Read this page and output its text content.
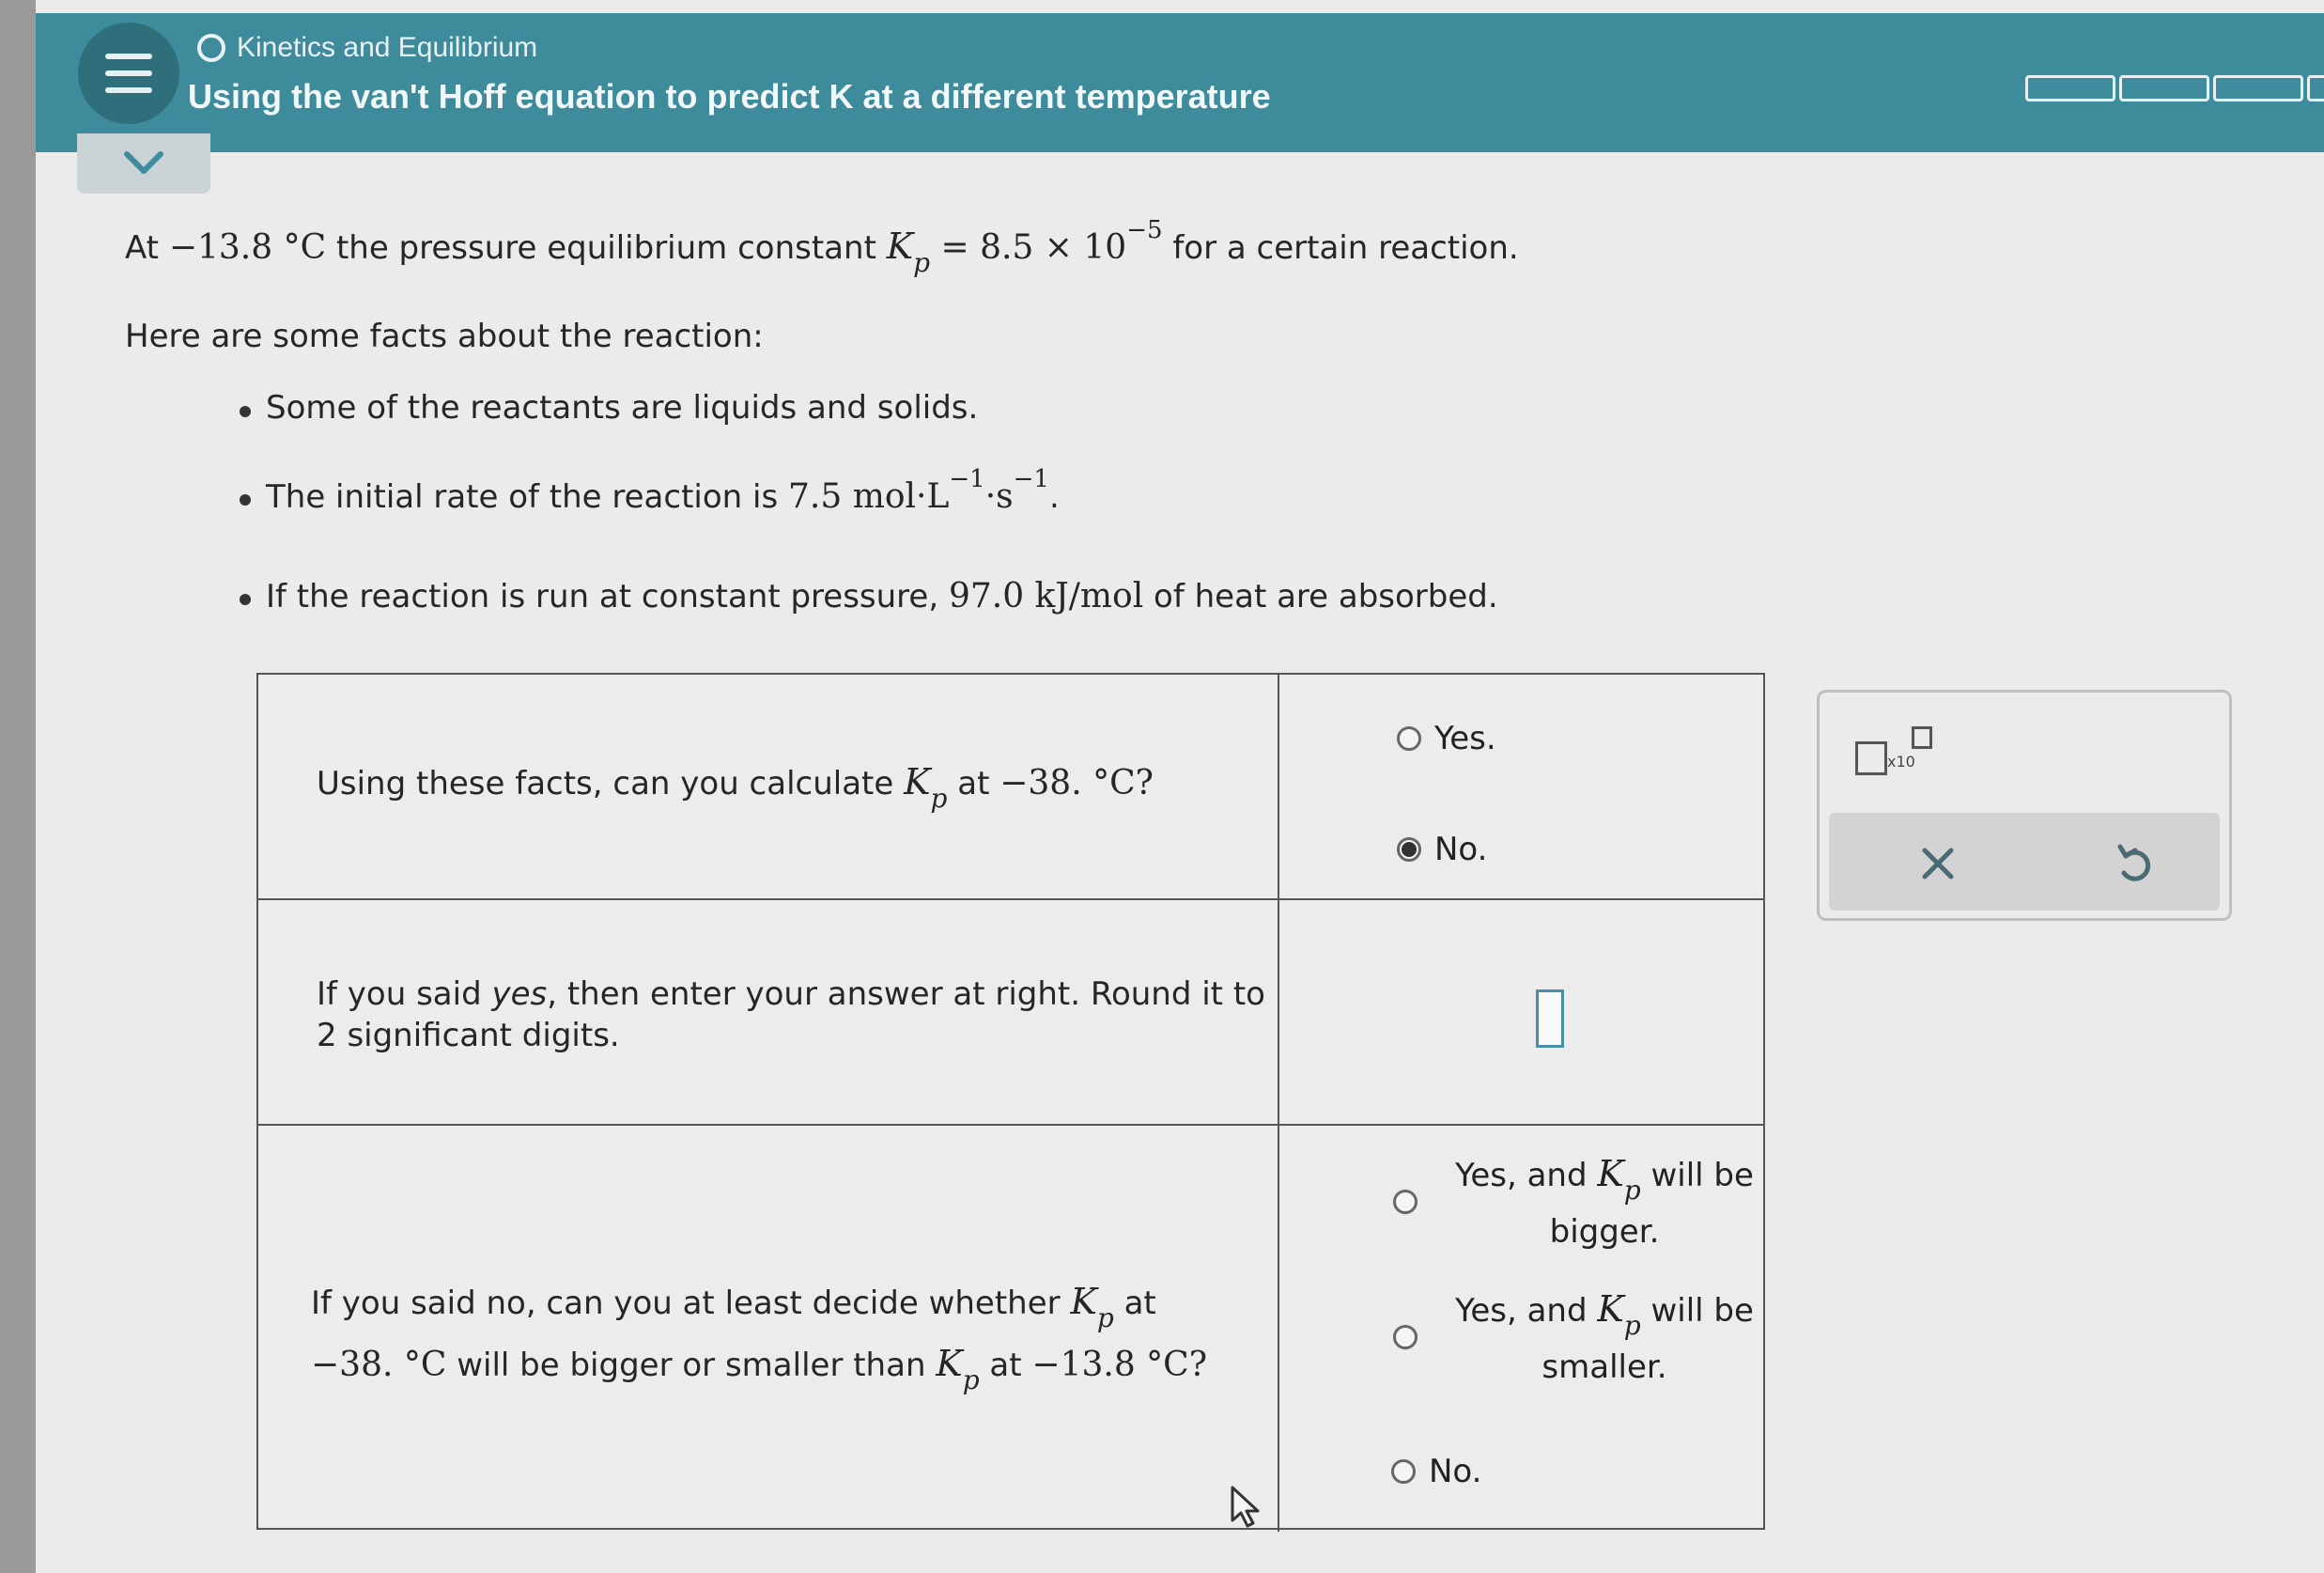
Kinetics and Equilibrium
Using the van't Hoff equation to predict K at a different temperature
At −13.8 °C the pressure equilibrium constant $K_p = 8.5 \times 10^{-5}$ for a certain reaction.
Here are some facts about the reaction:
Some of the reactants are liquids and solids.
The initial rate of the reaction is 7.5 $mol\cdot L^{-1}\cdot s^{-1}$.
If the reaction is run at constant pressure, 97.0 kJ/mol of heat are absorbed.
Using these facts, can you calculate $K_p$ at −38. °C?
Yes.
No.
If you said yes, then enter your answer at right. Round it to
2 significant digits.
If you said no, can you at least decide whether $K_p$ at
−38. °C will be bigger or smaller than $K_p$ at −13.8 °C?
Yes, and $K_p$ will be
bigger.
Yes, and $K_p$ will be
smaller.
No.
x10
